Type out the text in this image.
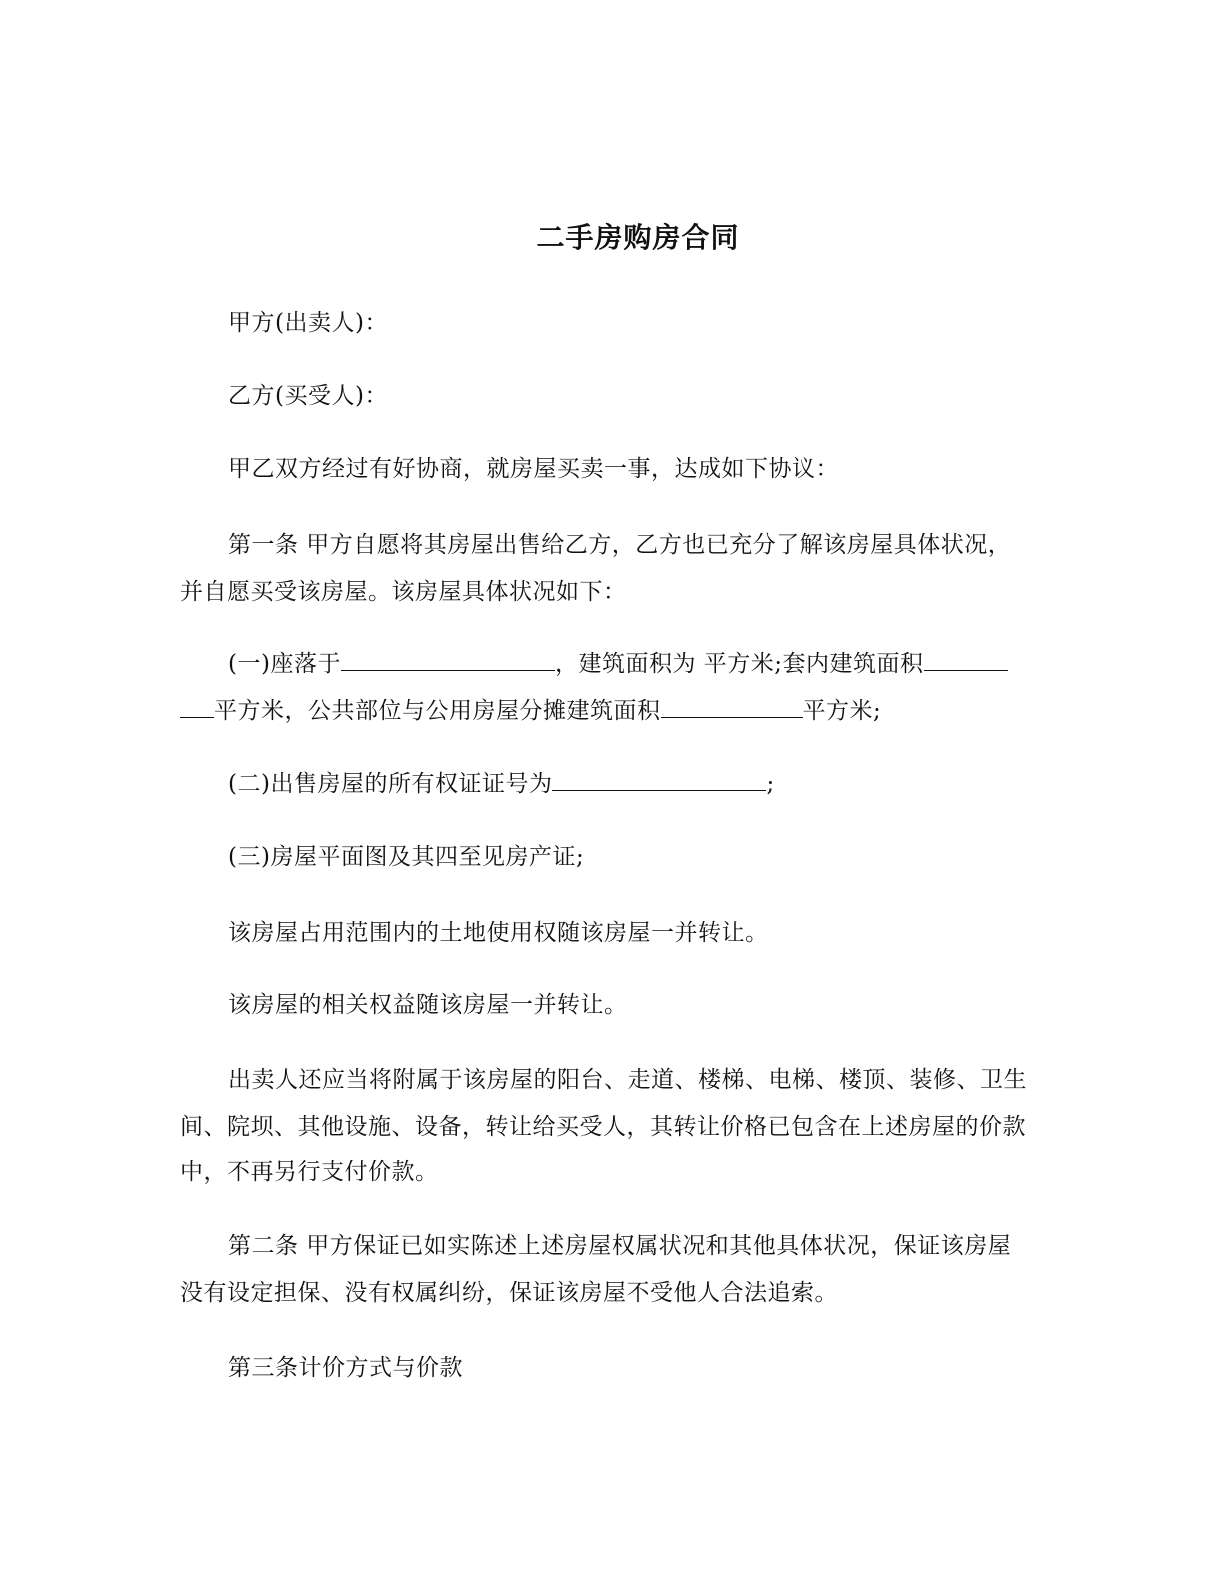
二手房购房合同
甲方(出卖人)：
乙方(买受人)：
甲乙双方经过有好协商，就房屋买卖一事，达成如下协议：
第一条 甲方自愿将其房屋出售给乙方，乙方也已充分了解该房屋具体状况，
并自愿买受该房屋。该房屋具体状况如下：
(一)座落于	，建筑面积为 平方米;套内建筑面积
平方米，公共部位与公用房屋分摊建筑面积	平方米;
(二)出售房屋的所有权证证号为	;
(三)房屋平面图及其四至见房产证;
该房屋占用范围内的土地使用权随该房屋一并转让。
该房屋的相关权益随该房屋一并转让。
出卖人还应当将附属于该房屋的阳台、走道、楼梯、电梯、楼顶、装修、卫生
间、院坝、其他设施、设备，转让给买受人，其转让价格已包含在上述房屋的价款
中，不再另行支付价款。
第二条 甲方保证已如实陈述上述房屋权属状况和其他具体状况，保证该房屋
没有设定担保、没有权属纠纷，保证该房屋不受他人合法追索。
第三条计价方式与价款
